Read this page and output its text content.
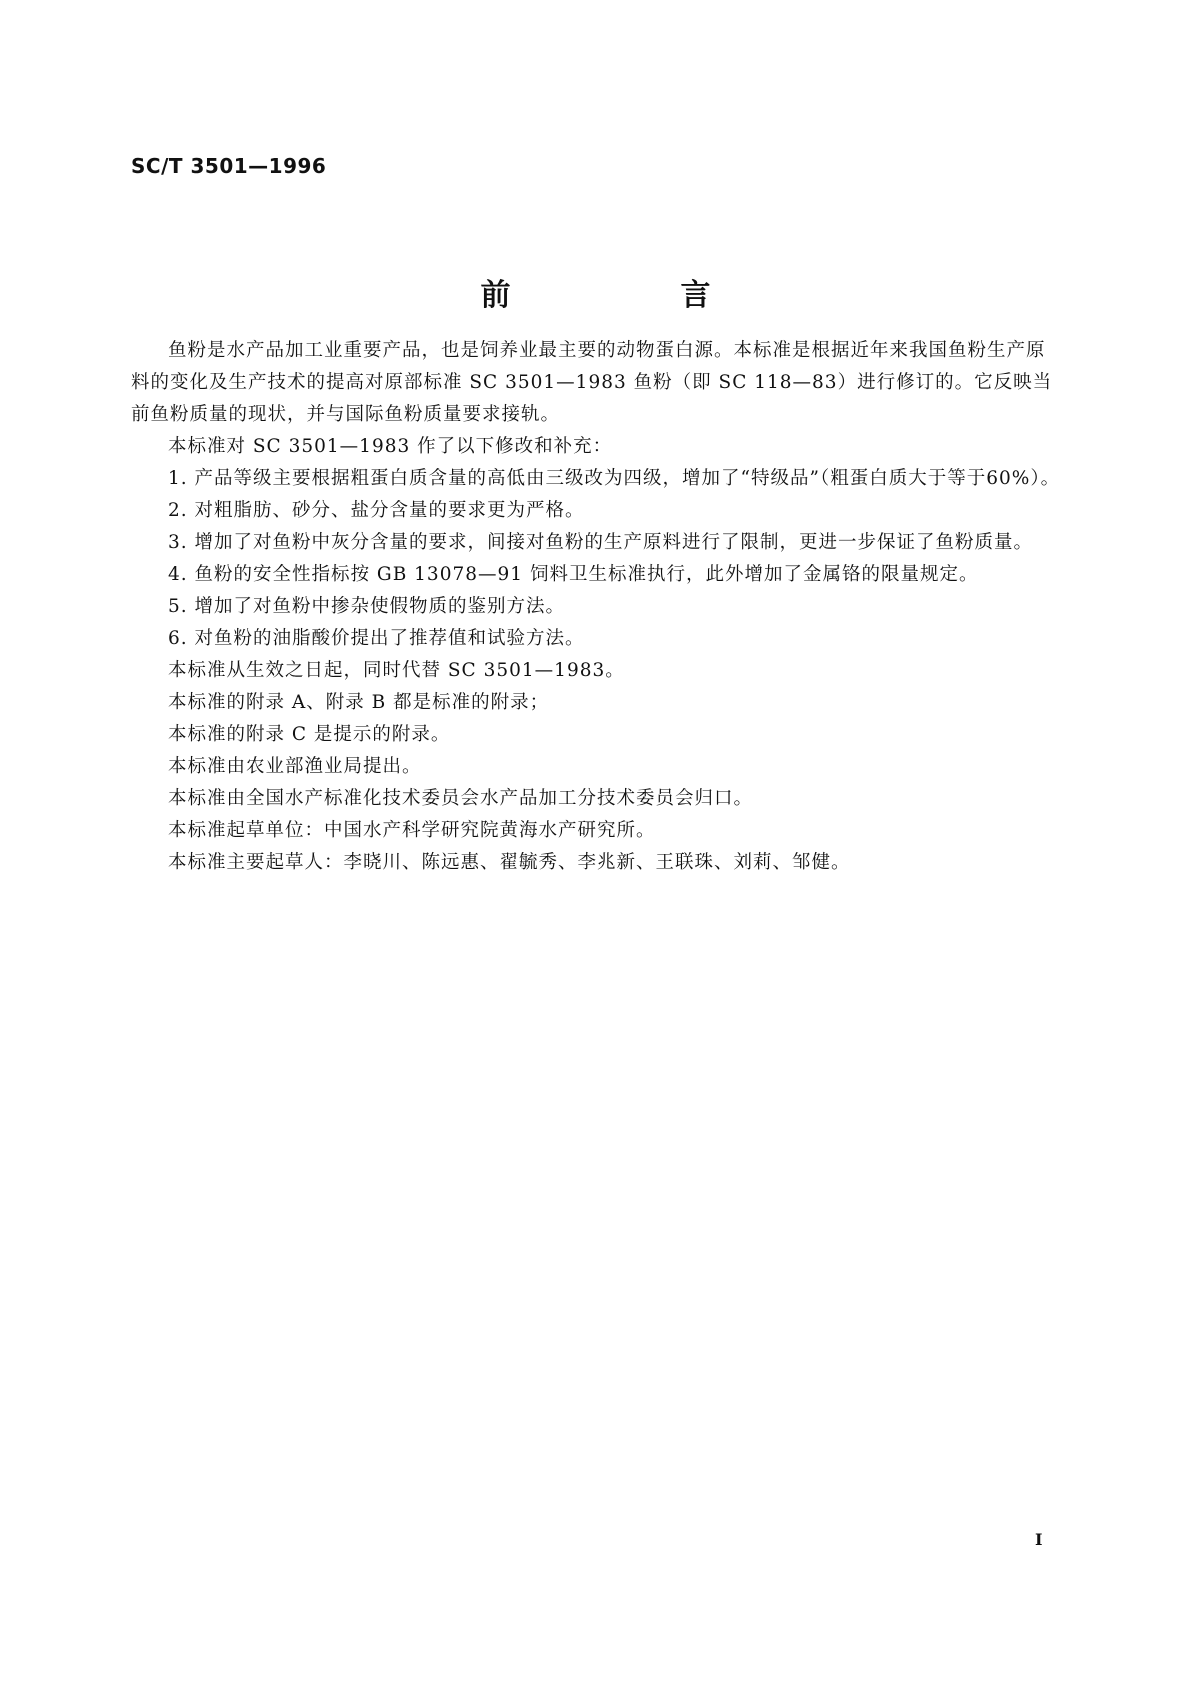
SC/T 3501—1996
前　言

鱼粉是水产品加工业重要产品，也是饲养业最主要的动物蛋白源。本标准是根据近年来我国鱼粉生产原料的变化及生产技术的提高对原部标准 SC 3501—1983 鱼粉（即 SC 118—83）进行修订的。它反映当前鱼粉质量的现状，并与国际鱼粉质量要求接轨。

本标准对 SC 3501—1983 作了以下修改和补充：

1. 产品等级主要根据粗蛋白质含量的高低由三级改为四级，增加了“特级品”（粗蛋白质大于等于60%）。

2. 对粗脂肪、砂分、盐分含量的要求更为严格。

3. 增加了对鱼粉中灰分含量的要求，间接对鱼粉的生产原料进行了限制，更进一步保证了鱼粉质量。

4. 鱼粉的安全性指标按 GB 13078—91 饲料卫生标准执行，此外增加了金属铬的限量规定。

5. 增加了对鱼粉中掺杂使假物质的鉴别方法。

6. 对鱼粉的油脂酸价提出了推荐值和试验方法。

本标准从生效之日起，同时代替 SC 3501—1983。

本标准的附录 A、附录 B 都是标准的附录；

本标准的附录 C 是提示的附录。

本标准由农业部渔业局提出。

本标准由全国水产标准化技术委员会水产品加工分技术委员会归口。

本标准起草单位：中国水产科学研究院黄海水产研究所。

本标准主要起草人：李晓川、陈远惠、翟毓秀、李兆新、王联珠、刘莉、邹健。

I
